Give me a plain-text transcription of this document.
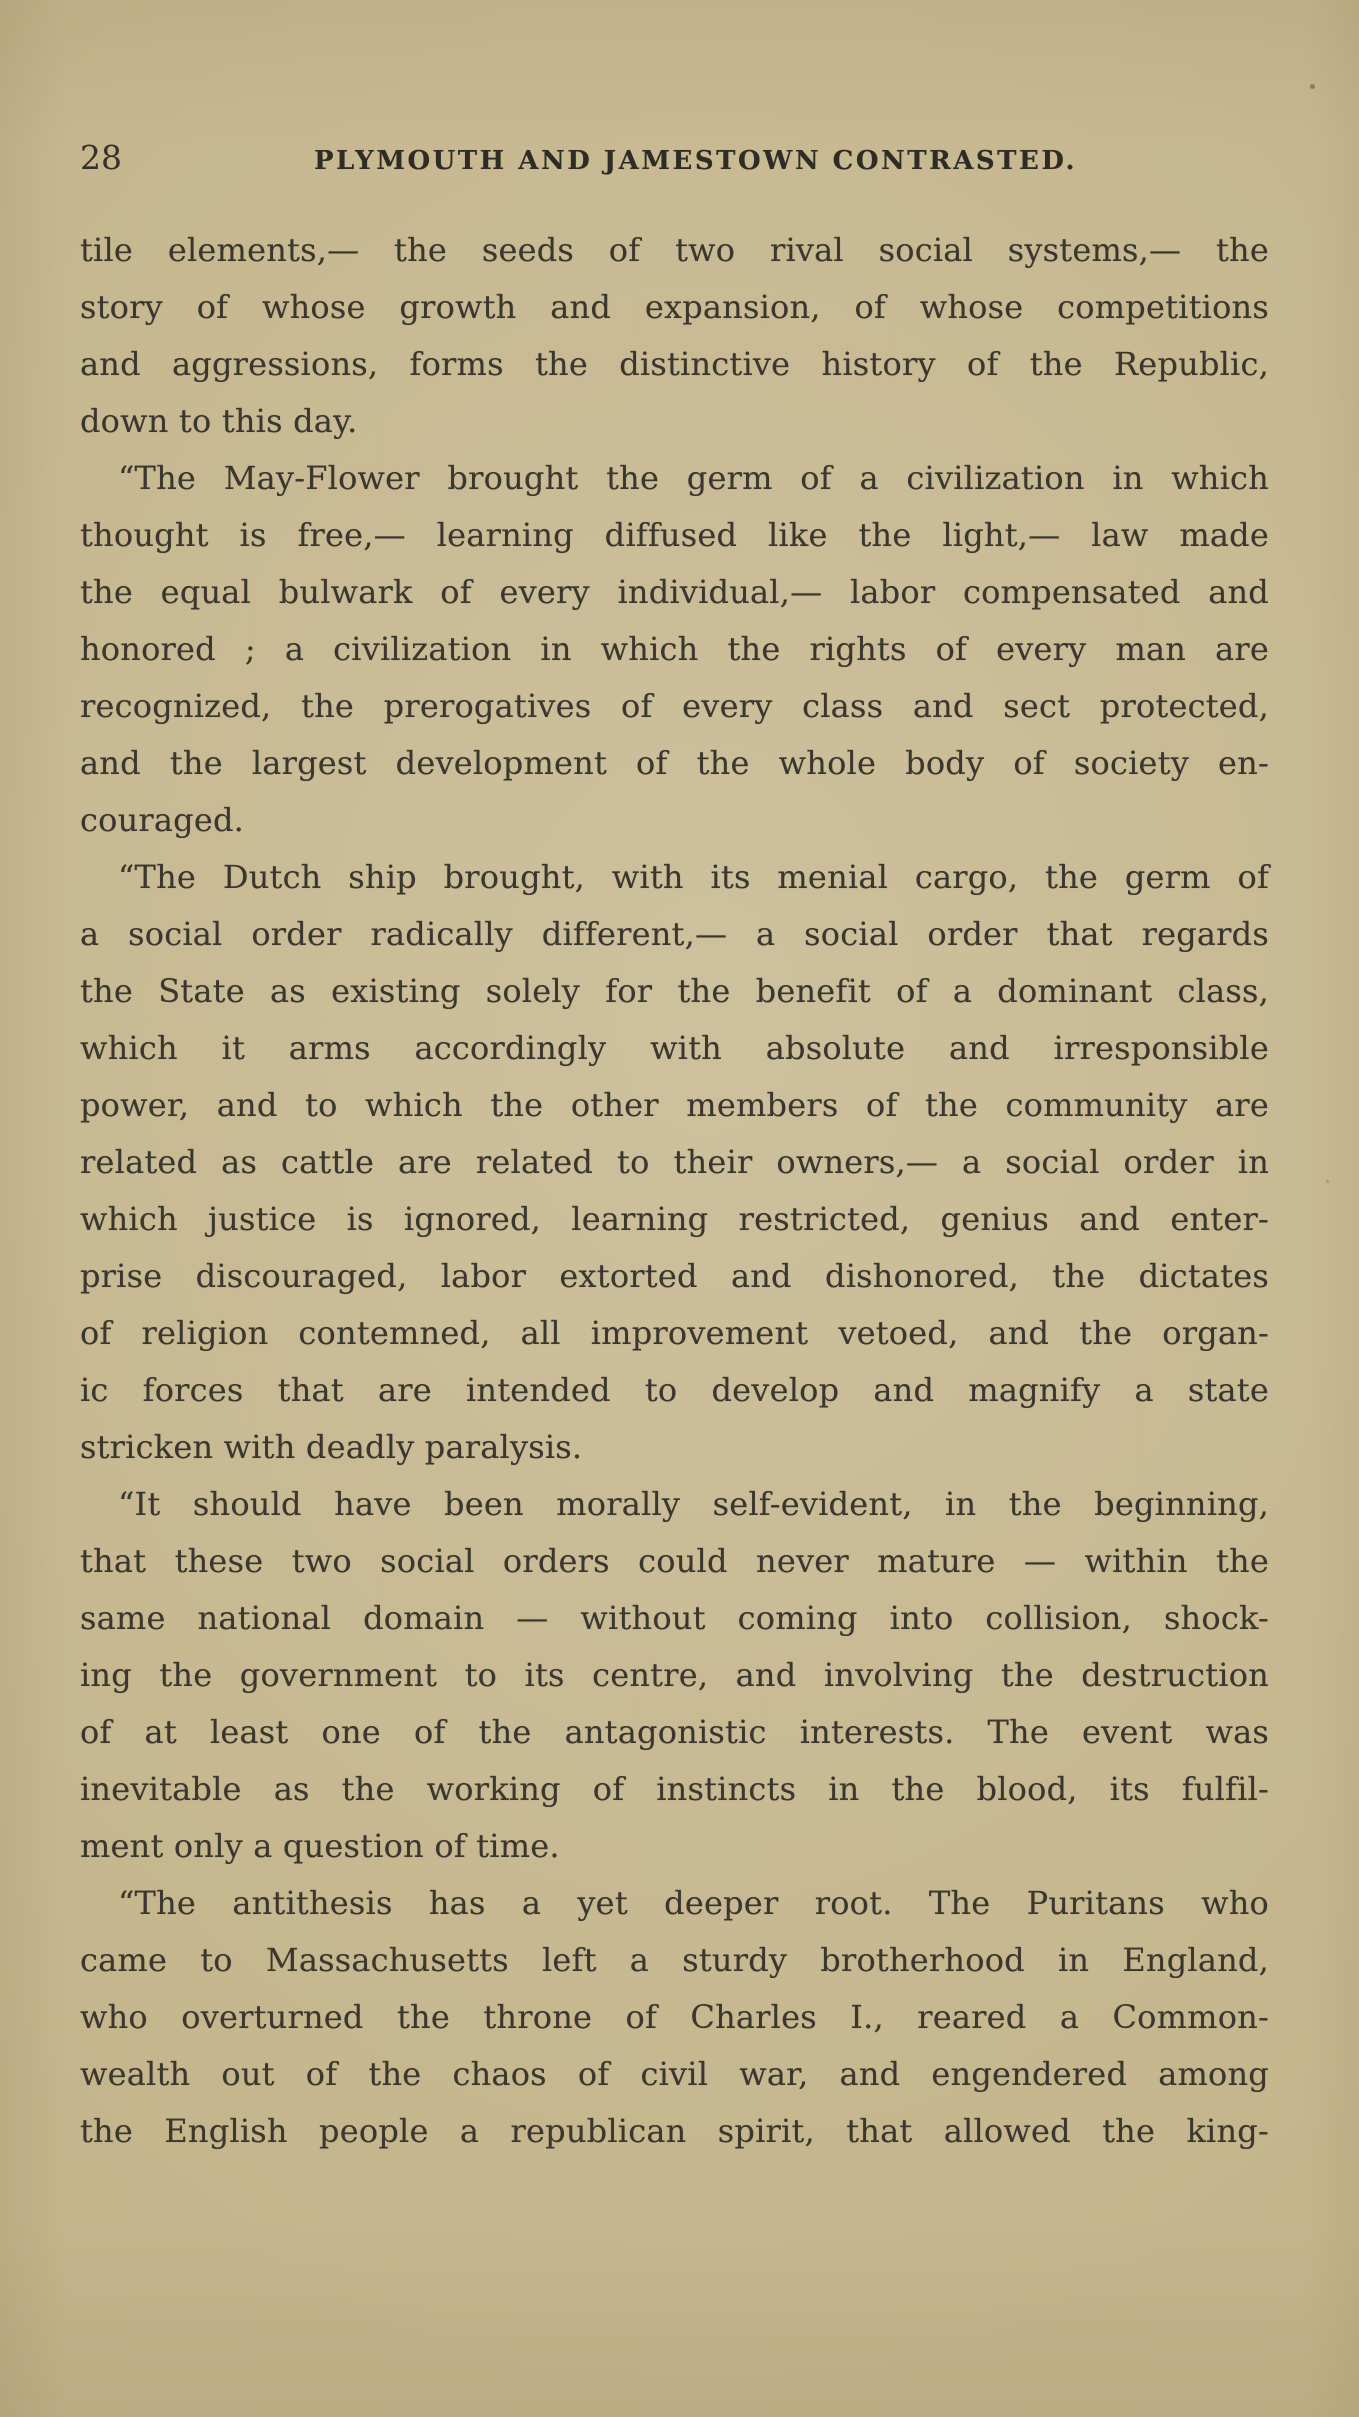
28	PLYMOUTH AND JAMESTOWN CONTRASTED.
tile elements,— the seeds of two rival social systems,— the
story of whose growth and expansion, of whose competitions
and aggressions, forms the distinctive history of the Republic,
down to this day.
“The May-Flower brought the germ of a civilization in which
thought is free,— learning diffused like the light,— law made
the equal bulwark of every individual,— labor compensated and
honored ; a civilization in which the rights of every man are
recognized, the prerogatives of every class and sect protected,
and the largest development of the whole body of society en-
couraged.
“The Dutch ship brought, with its menial cargo, the germ of
a social order radically different,— a social order that regards
the State as existing solely for the benefit of a dominant class,
which it arms accordingly with absolute and irresponsible
power, and to which the other members of the community are
related as cattle are related to their owners,— a social order in
which justice is ignored, learning restricted, genius and enter-
prise discouraged, labor extorted and dishonored, the dictates
of religion contemned, all improvement vetoed, and the organ-
ic forces that are intended to develop and magnify a state
stricken with deadly paralysis.
“It should have been morally self-evident, in the beginning,
that these two social orders could never mature — within the
same national domain — without coming into collision, shock-
ing the government to its centre, and involving the destruction
of at least one of the antagonistic interests. The event was
inevitable as the working of instincts in the blood, its fulfil-
ment only a question of time.
“The antithesis has a yet deeper root. The Puritans who
came to Massachusetts left a sturdy brotherhood in England,
who overturned the throne of Charles I., reared a Common-
wealth out of the chaos of civil war, and engendered among
the English people a republican spirit, that allowed the king-
